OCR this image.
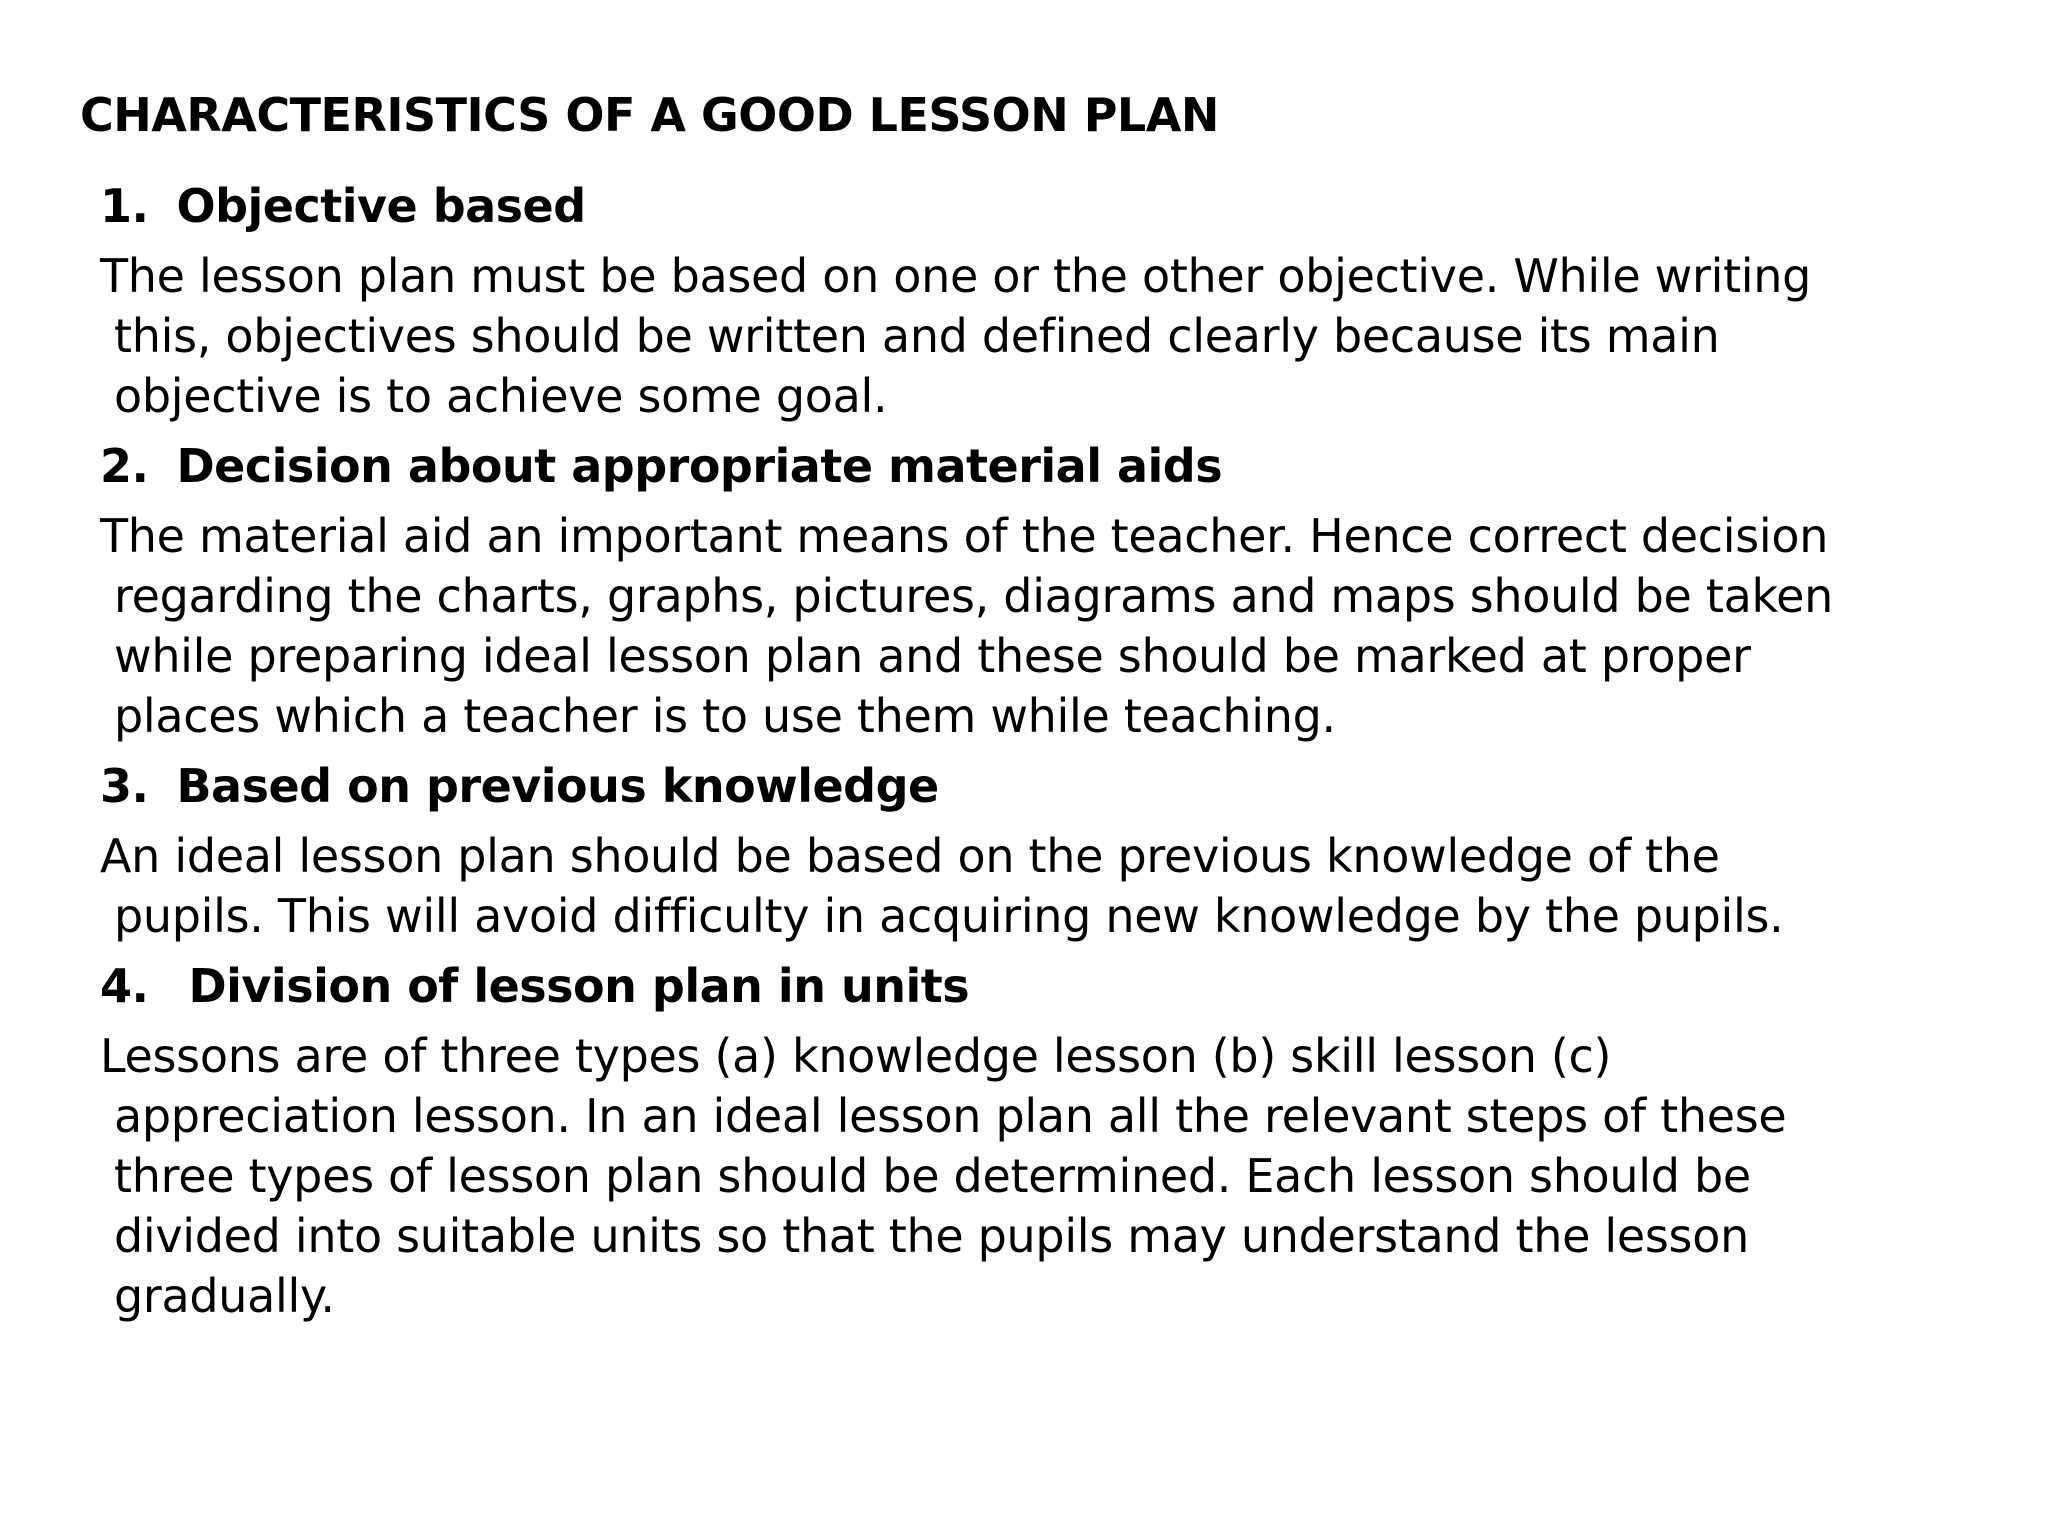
CHARACTERISTICS OF A GOOD LESSON PLAN
1. Objective based
The lesson plan must be based on one or the other objective. While writing
this, objectives should be written and defined clearly because its main
objective is to achieve some goal.
2. Decision about appropriate material aids
The material aid an important means of the teacher. Hence correct decision
regarding the charts, graphs, pictures, diagrams and maps should be taken
while preparing ideal lesson plan and these should be marked at proper
places which a teacher is to use them while teaching.
3. Based on previous knowledge
An ideal lesson plan should be based on the previous knowledge of the
pupils. This will avoid difficulty in acquiring new knowledge by the pupils.
4. Division of lesson plan in units
Lessons are of three types (a) knowledge lesson (b) skill lesson (c)
appreciation lesson. In an ideal lesson plan all the relevant steps of these
three types of lesson plan should be determined. Each lesson should be
divided into suitable units so that the pupils may understand the lesson
gradually.
